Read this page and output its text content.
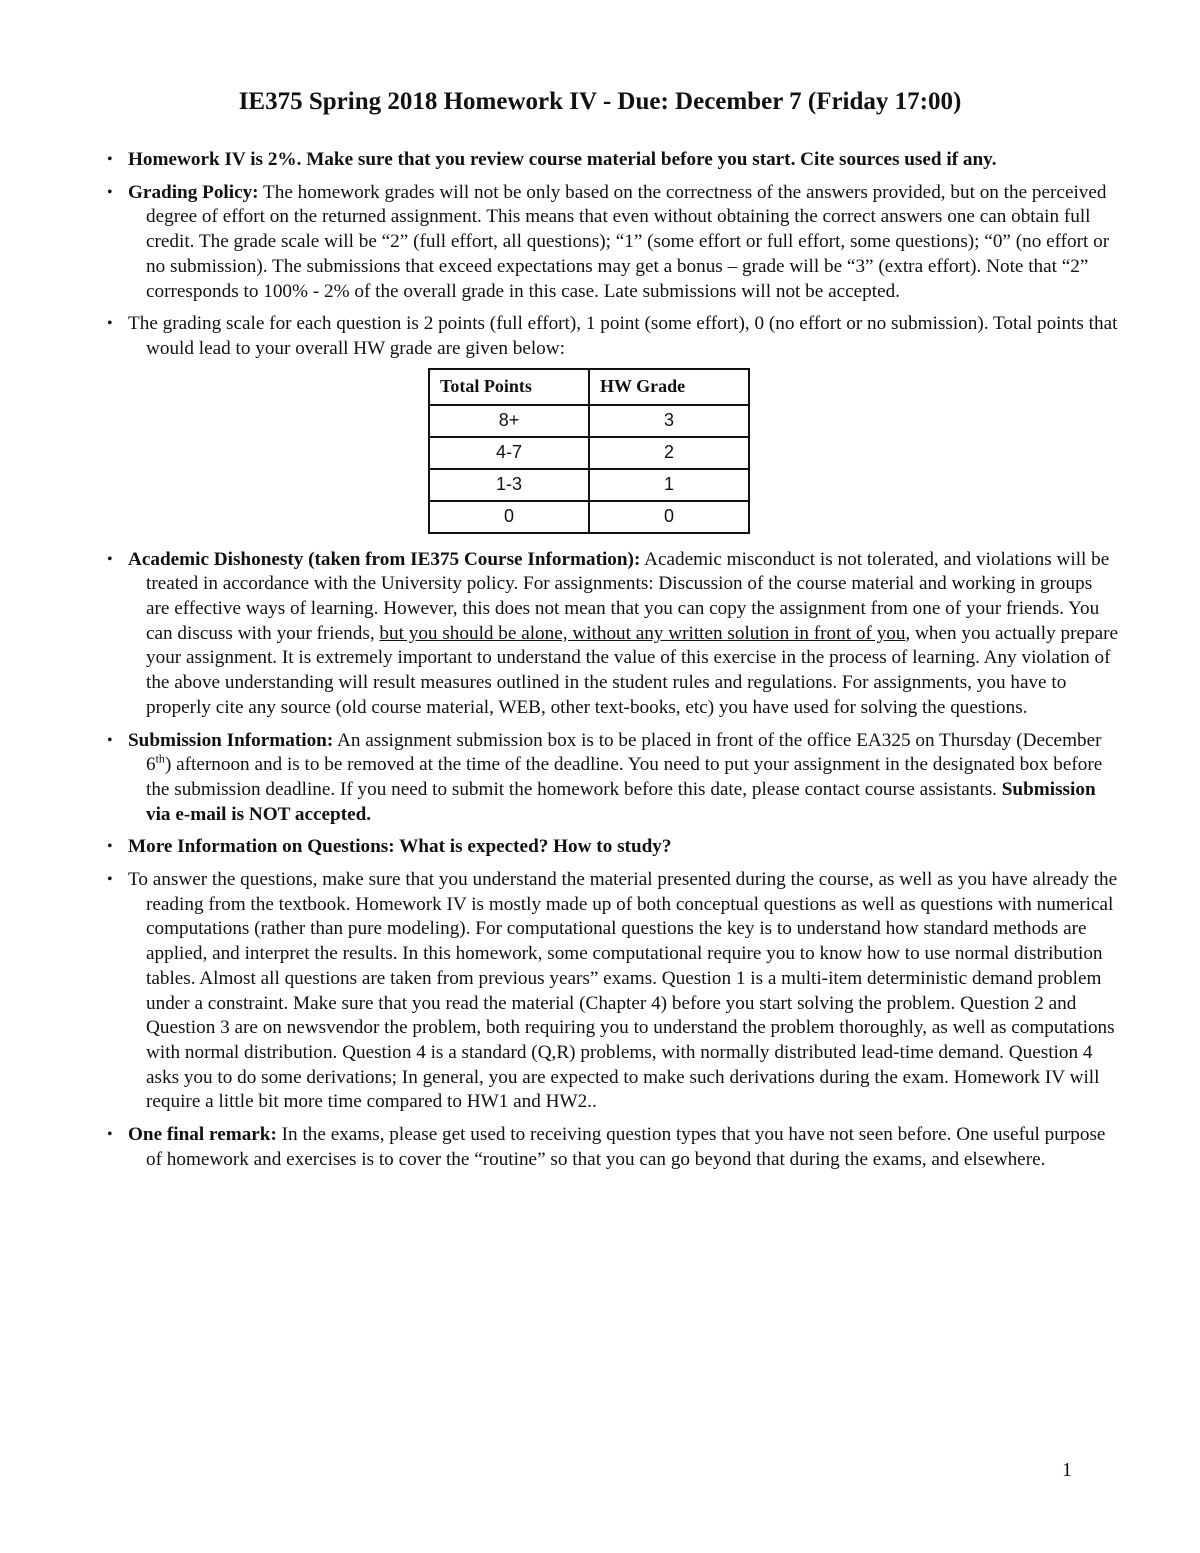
IE375 Spring 2018 Homework IV - Due: December 7 (Friday 17:00)
• Homework IV is 2%. Make sure that you review course material before you start. Cite sources used if any.
• Grading Policy: The homework grades will not be only based on the correctness of the answers provided, but on the perceived degree of effort on the returned assignment. This means that even without obtaining the correct answers one can obtain full credit. The grade scale will be “2” (full effort, all questions); “1” (some effort or full effort, some questions); “0” (no effort or no submission). The submissions that exceed expectations may get a bonus – grade will be “3” (extra effort). Note that “2” corresponds to 100% - 2% of the overall grade in this case. Late submissions will not be accepted.
• The grading scale for each question is 2 points (full effort), 1 point (some effort), 0 (no effort or no submission). Total points that would lead to your overall HW grade are given below:
Total Points	HW Grade
8+	3
4-7	2
1-3	1
0	0
• Academic Dishonesty (taken from IE375 Course Information): Academic misconduct is not tolerated, and violations will be treated in accordance with the University policy. For assignments: Discussion of the course material and working in groups are effective ways of learning. However, this does not mean that you can copy the assignment from one of your friends. You can discuss with your friends, but you should be alone, without any written solution in front of you, when you actually prepare your assignment. It is extremely important to understand the value of this exercise in the process of learning. Any violation of the above understanding will result measures outlined in the student rules and regulations. For assignments, you have to properly cite any source (old course material, WEB, other text-books, etc) you have used for solving the questions.
• Submission Information: An assignment submission box is to be placed in front of the office EA325 on Thursday (December 6th) afternoon and is to be removed at the time of the deadline. You need to put your assignment in the designated box before the submission deadline. If you need to submit the homework before this date, please contact course assistants. Submission via e-mail is NOT accepted.
• More Information on Questions: What is expected? How to study?
• To answer the questions, make sure that you understand the material presented during the course, as well as you have already the reading from the textbook. Homework IV is mostly made up of both conceptual questions as well as questions with numerical computations (rather than pure modeling). For computational questions the key is to understand how standard methods are applied, and interpret the results. In this homework, some computational require you to know how to use normal distribution tables. Almost all questions are taken from previous years” exams. Question 1 is a multi-item deterministic demand problem under a constraint. Make sure that you read the material (Chapter 4) before you start solving the problem. Question 2 and Question 3 are on newsvendor the problem, both requiring you to understand the problem thoroughly, as well as computations with normal distribution. Question 4 is a standard (Q,R) problems, with normally distributed lead-time demand. Question 4 asks you to do some derivations; In general, you are expected to make such derivations during the exam. Homework IV will require a little bit more time compared to HW1 and HW2..
• One final remark: In the exams, please get used to receiving question types that you have not seen before. One useful purpose of homework and exercises is to cover the “routine” so that you can go beyond that during the exams, and elsewhere.
1
